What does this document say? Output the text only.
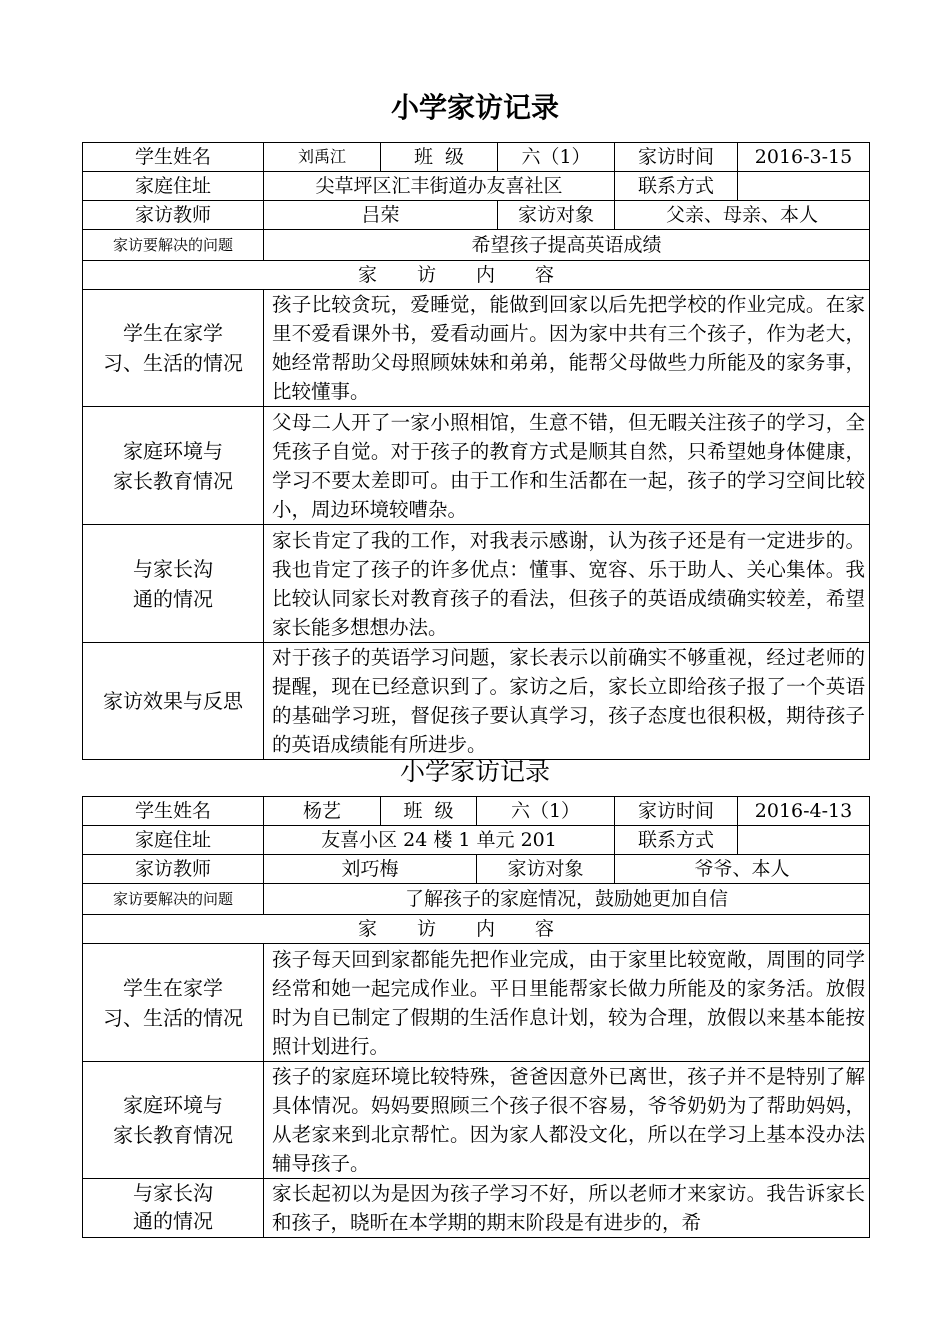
小学家访记录
学生姓名	刘禹江	班  级	六（1）	家访时间	2016-3-15
家庭住址	尖草坪区汇丰街道办友喜社区			联系方式	
家访教师	吕荣		家访对象	父亲、母亲、本人	
家访要解决的问题	希望孩子提高英语成绩				
家访内容					

学生在家学
习、生活的情况	孩子比较贪玩，爱睡觉，能做到回家以后先把学校的作业完成。在家里不爱看课外书，爱看动画片。因为家中共有三个孩子，作为老大，她经常帮助父母照顾妹妹和弟弟，能帮父母做些力所能及的家务事，比较懂事。				

家庭环境与
家长教育情况	父母二人开了一家小照相馆，生意不错，但无暇关注孩子的学习，全凭孩子自觉。对于孩子的教育方式是顺其自然，只希望她身体健康，学习不要太差即可。由于工作和生活都在一起，孩子的学习空间比较小，周边环境较嘈杂。				

与家长沟
通的情况	家长肯定了我的工作，对我表示感谢，认为孩子还是有一定进步的。我也肯定了孩子的许多优点：懂事、宽容、乐于助人、关心集体。我比较认同家长对教育孩子的看法，但孩子的英语成绩确实较差，希望家长能多想想办法。				

家访效果与反思	对于孩子的英语学习问题，家长表示以前确实不够重视，经过老师的提醒，现在已经意识到了。家访之后，家长立即给孩子报了一个英语的基础学习班，督促孩子要认真学习，孩子态度也很积极，期待孩子的英语成绩能有所进步。				
小学家访记录
学生姓名	杨艺	班  级	六（1）	家访时间	2016-4-13
家庭住址	友喜小区 24 楼 1 单元 201			联系方式	
家访教师	刘巧梅		家访对象	爷爷、本人	
家访要解决的问题	了解孩子的家庭情况，鼓励她更加自信				
家访内容					

学生在家学
习、生活的情况	孩子每天回到家都能先把作业完成，由于家里比较宽敞，周围的同学经常和她一起完成作业。平日里能帮家长做力所能及的家务活。放假时为自已制定了假期的生活作息计划，较为合理，放假以来基本能按照计划进行。				

家庭环境与
家长教育情况	孩子的家庭环境比较特殊，爸爸因意外已离世，孩子并不是特别了解具体情况。妈妈要照顾三个孩子很不容易，爷爷奶奶为了帮助妈妈，从老家来到北京帮忙。因为家人都没文化，所以在学习上基本没办法辅导孩子。				

与家长沟
通的情况	家长起初以为是因为孩子学习不好，所以老师才来家访。我告诉家长和孩子，晓昕在本学期的期末阶段是有进步的，希				
